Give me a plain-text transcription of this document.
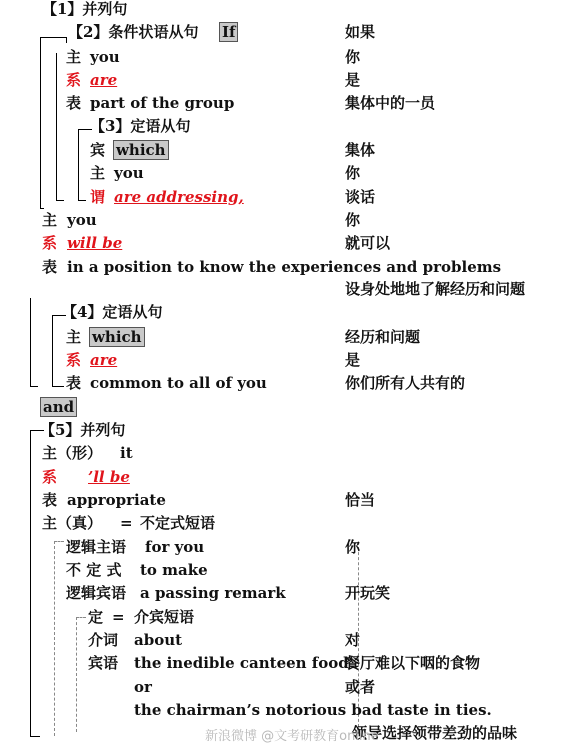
【1】并列句
【2】条件状语从句 If	如果
主 you	你
系 are	是
表 part of the group	集体中的一员
【3】定语从句
宾 which	集体
主 you	你
谓 are addressing,	谈话
主 you	你
系 will be	就可以
表 in a position to know the experiences and problems
设身处地地了解经历和问题
【4】定语从句
主 which	经历和问题
系 are	是
表 common to all of you	你们所有人共有的
and
【5】并列句
主（形） it
系 ’ll be
表 appropriate	恰当
主（真） = 不定式短语
逻辑主语 for you	你
不 定 式 to make
逻辑宾语 a passing remark	开玩笑
定 = 介宾短语
介词 about	对
宾语 the inedible canteen food
餐厅难以下咽的食物
or	或者
the chairman’s notorious bad taste in ties.
领导选择领带差劲的品味
新浪微博 @文考研教育online
